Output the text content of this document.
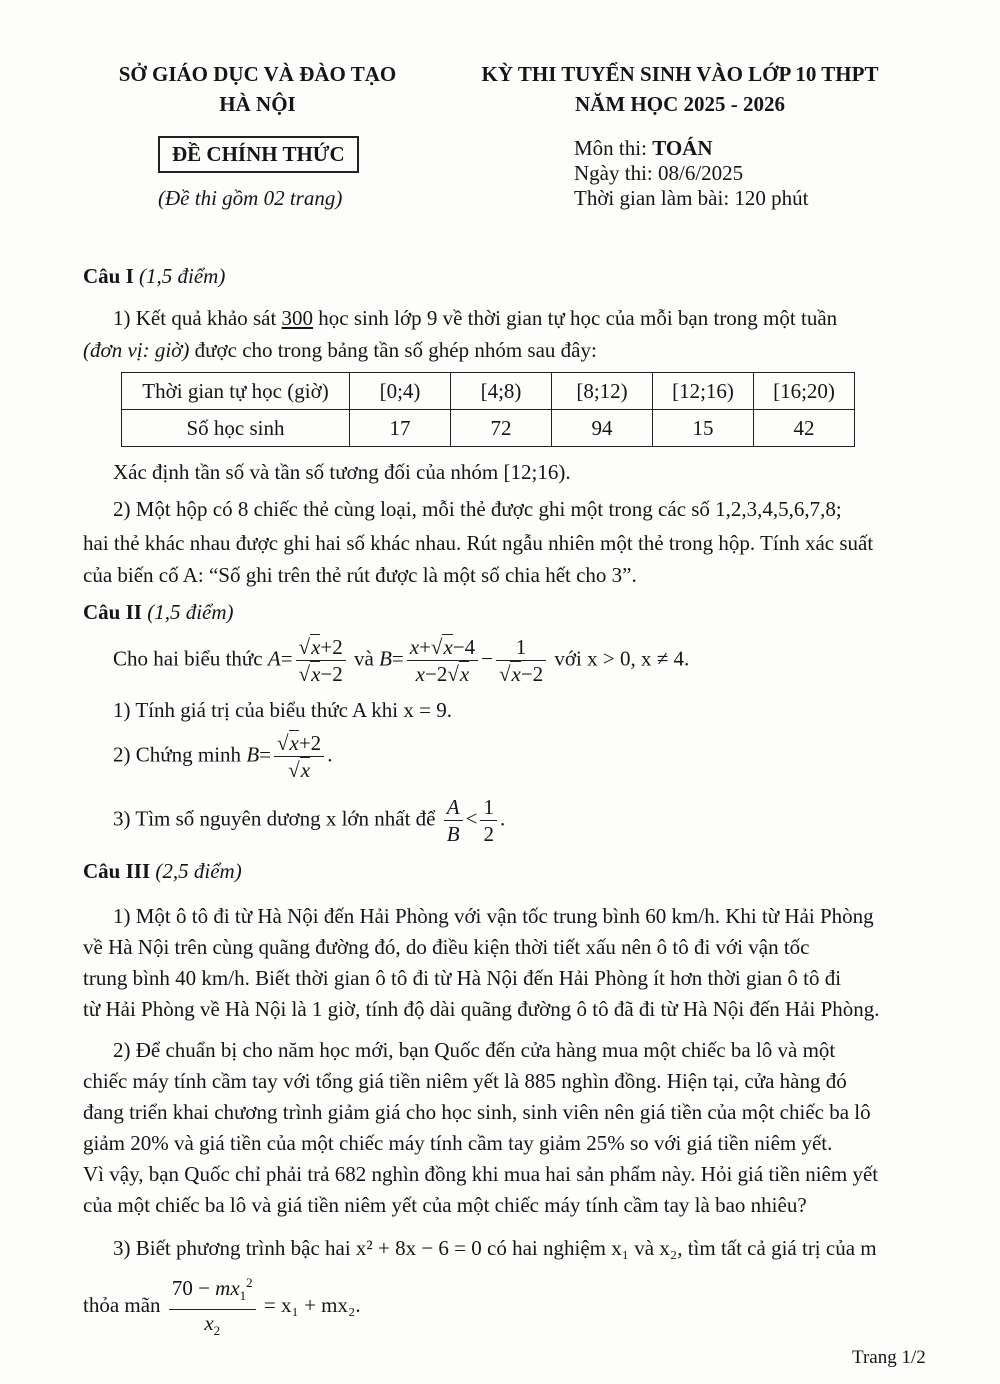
SỞ GIÁO DỤC VÀ ĐÀO TẠO
HÀ NỘI
ĐỀ CHÍNH THỨC
(Đề thi gồm 02 trang)
KỲ THI TUYỂN SINH VÀO LỚP 10 THPT
NĂM HỌC 2025 - 2026
Môn thi: TOÁN
Ngày thi: 08/6/2025
Thời gian làm bài: 120 phút
Câu I (1,5 điểm)
1) Kết quả khảo sát 300 học sinh lớp 9 về thời gian tự học của mỗi bạn trong một tuần
(đơn vị: giờ) được cho trong bảng tần số ghép nhóm sau đây:
Thời gian tự học (giờ)	[0;4)	[4;8)	[8;12)	[12;16)	[16;20)
Số học sinh	17	72	94	15	42
Xác định tần số và tần số tương đối của nhóm [12;16).
2) Một hộp có 8 chiếc thẻ cùng loại, mỗi thẻ được ghi một trong các số 1,2,3,4,5,6,7,8;
hai thẻ khác nhau được ghi hai số khác nhau. Rút ngẫu nhiên một thẻ trong hộp. Tính xác suất
của biến cố A: “Số ghi trên thẻ rút được là một số chia hết cho 3”.
Câu II (1,5 điểm)
Cho hai biểu thức A= √ x+2
√ x−2 và $B= \frac{x+ √ x-4}{x-2 √ x} - 1$
√ x−2 với x > 0, x ≠ 4.
1) Tính giá trị của biểu thức A khi x = 9.
2) Chứng minh B= √ x+2
√ x .
3) Tìm số nguyên dương x lớn nhất để $\frac{A}{B} < \frac{1}{2}$ .
Câu III (2,5 điểm)
1) Một ô tô đi từ Hà Nội đến Hải Phòng với vận tốc trung bình 60 km/h. Khi từ Hải Phòng
về Hà Nội trên cùng quãng đường đó, do điều kiện thời tiết xấu nên ô tô đi với vận tốc
trung bình 40 km/h. Biết thời gian ô tô đi từ Hà Nội đến Hải Phòng ít hơn thời gian ô tô đi
từ Hải Phòng về Hà Nội là 1 giờ, tính độ dài quãng đường ô tô đã đi từ Hà Nội đến Hải Phòng.
2) Để chuẩn bị cho năm học mới, bạn Quốc đến cửa hàng mua một chiếc ba lô và một
chiếc máy tính cầm tay với tổng giá tiền niêm yết là 885 nghìn đồng. Hiện tại, cửa hàng đó
đang triển khai chương trình giảm giá cho học sinh, sinh viên nên giá tiền của một chiếc ba lô
giảm 20% và giá tiền của một chiếc máy tính cầm tay giảm 25% so với giá tiền niêm yết.
Vì vậy, bạn Quốc chỉ phải trả 682 nghìn đồng khi mua hai sản phẩm này. Hỏi giá tiền niêm yết
của một chiếc ba lô và giá tiền niêm yết của một chiếc máy tính cầm tay là bao nhiêu?
3) Biết phương trình bậc hai x² + 8x − 6 = 0 có hai nghiệm x₁ và x₂, tìm tất cả giá trị của m
thỏa mãn $\frac{70 - mx_1^2}{x_2} = x_1 + mx_2$.
Trang 1/2
